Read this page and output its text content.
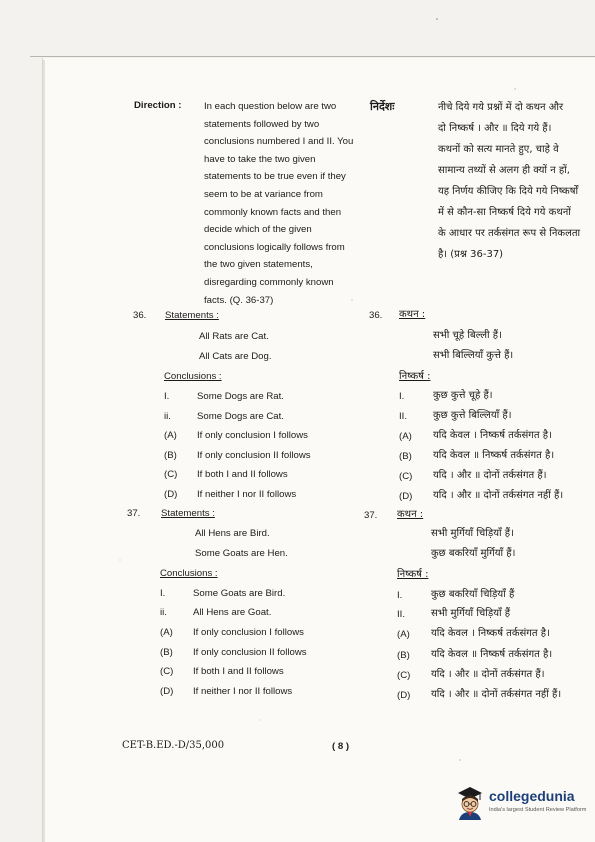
Direction : In each question below are two
statements followed by two
conclusions numbered I and II. You
have to take the two given
statements to be true even if they
seem to be at variance from
commonly known facts and then
decide which of the given
conclusions logically follows from
the two given statements,
disregarding commonly known
facts. (Q. 36-37)
निर्देशः	नीचे दिये गये प्रश्नों में दो कथन और
दो निष्कर्ष । और ॥ दिये गये हैं।
कथनों को सत्य मानते हुए, चाहे वे
सामान्य तथ्यों से अलग ही क्यों न हों,
यह निर्णय कीजिए कि दिये गये निष्कर्षों
में से कौन-सा निष्कर्ष दिये गये कथनों
के आधार पर तर्कसंगत रूप से निकलता
है। (प्रश्न 36-37)
36. Statements :
All Rats are Cat.
All Cats are Dog.
Conclusions :
I.	Some Dogs are Rat.
ii.	Some Dogs are Cat.
(A) If only conclusion I follows
(B) If only conclusion II follows
(C) If both I and II follows
(D) If neither I nor II follows
36. कथन :
सभी चूहे बिल्ली हैं।
सभी बिल्लियाँ कुत्ते हैं।
निष्कर्ष :
I.	कुछ कुत्ते चूहे हैं।
II.	कुछ कुत्ते बिल्लियाँ हैं।
(A) यदि केवल । निष्कर्ष तर्कसंगत है।
(B) यदि केवल ॥ निष्कर्ष तर्कसंगत है।
(C) यदि । और ॥ दोनों तर्कसंगत हैं।
(D) यदि । और ॥ दोनों तर्कसंगत नहीं हैं।
37. Statements :
All Hens are Bird.
Some Goats are Hen.
Conclusions :
I.	Some Goats are Bird.
ii.	All Hens are Goat.
(A) If only conclusion I follows
(B) If only conclusion II follows
(C) If both I and II follows
(D) If neither I nor II follows
37. कथन :
सभी मुर्गियाँ चिड़ियाँ हैं।
कुछ बकरियाँ मुर्गियाँ हैं।
निष्कर्ष :
I.	कुछ बकरियाँ चिड़ियाँ हैं
II.	सभी मुर्गियाँ चिड़ियाँ हैं
(A) यदि केवल । निष्कर्ष तर्कसंगत है।
(B) यदि केवल ॥ निष्कर्ष तर्कसंगत है।
(C) यदि । और ॥ दोनों तर्कसंगत हैं।
(D) यदि । और ॥ दोनों तर्कसंगत नहीं हैं।
CET-B.ED.-D/35,000	( 8 )
collegedunia
India's largest Student Review Platform
